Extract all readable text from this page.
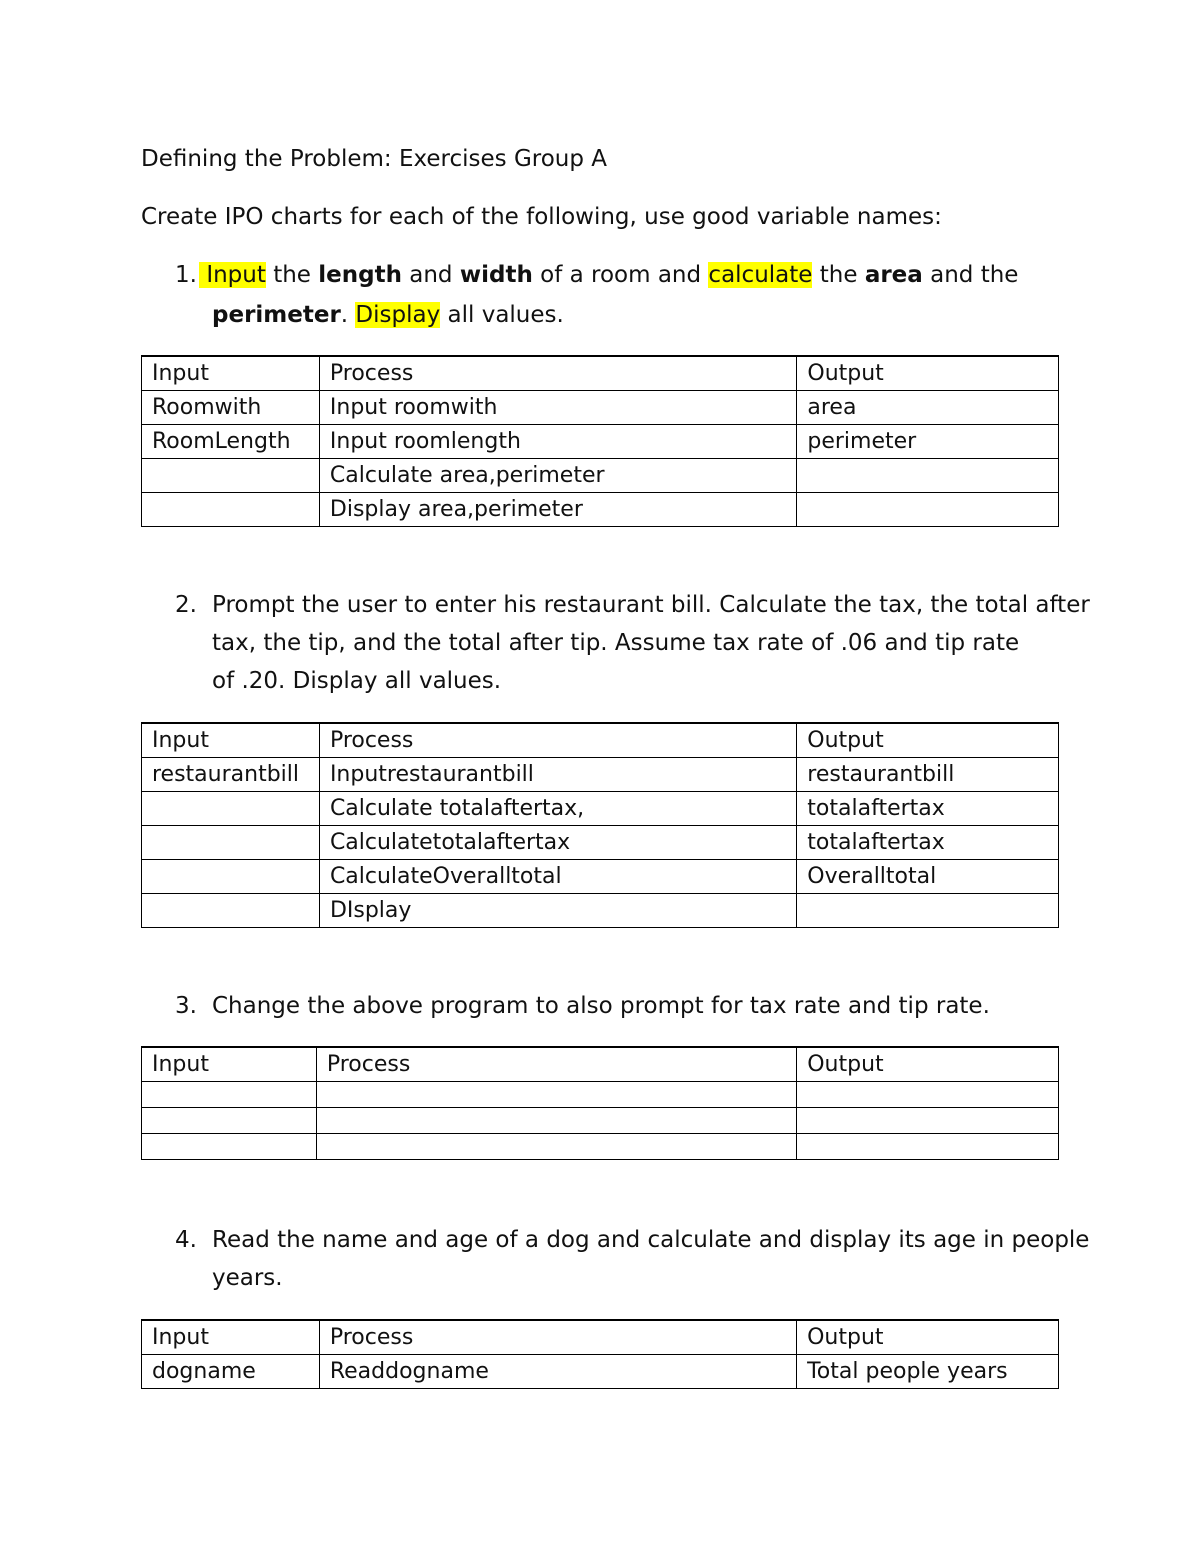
Defining the Problem: Exercises Group A
Create IPO charts for each of the following, use good variable names:
1. Input the length and width of a room and calculate the area and the
perimeter. Display all values.
Input	Process	Output
Roomwith	Input roomwith	area
RoomLength	Input roomlength	perimeter
	Calculate area,perimeter	
	Display area,perimeter	
2. Prompt the user to enter his restaurant bill. Calculate the tax, the total after
tax, the tip, and the total after tip. Assume tax rate of .06 and tip rate
of .20. Display all values.
Input	Process	Output
restaurantbill	Inputrestaurantbill	restaurantbill
	Calculate totalaftertax,	totalaftertax
	Calculatetotalaftertax	totalaftertax
	CalculateOveralltotal	Overalltotal
	DIsplay	
3. Change the above program to also prompt for tax rate and tip rate.
Input	Process	Output

4. Read the name and age of a dog and calculate and display its age in people
years.
Input	Process	Output
dogname	Readdogname	Total people years
